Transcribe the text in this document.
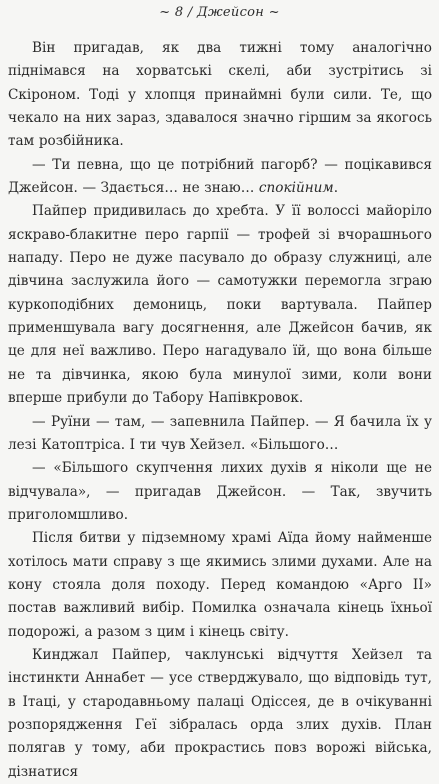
~ 8 / Джейсон ~

Він пригадав, як два тижні тому аналогічно піднімався на хорватські скелі, аби зустрітись зі Скіроном. Тоді у хлопця принаймні були сили. Те, що чекало на них зараз, здавалося значно гіршим за якогось там розбійника.

— Ти певна, що це потрібний пагорб? — поцікавився Джейсон. — Здається… не знаю… спокійним.

Пайпер придивилась до хребта. У її волоссі майоріло яскраво-блакитне перо гарпії — трофей зі вчорашнього нападу. Перо не дуже пасувало до образу служниці, але дівчина заслужила його — самотужки перемогла зграю куркоподібних демониць, поки вартувала. Пайпер применшувала вагу досягнення, але Джейсон бачив, як це для неї важливо. Перо нагадувало їй, що вона більше не та дівчинка, якою була минулої зими, коли вони вперше прибули до Табору Напівкровок.

— Руїни — там, — запевнила Пайпер. — Я бачила їх у лезі Катоптріса. І ти чув Хейзел. «Більшого…

— «Більшого скупчення лихих духів я ніколи ще не відчувала», — пригадав Джейсон. — Так, звучить приголомшливо.

Після битви у підземному храмі Аїда йому найменше хотілось мати справу з ще якимись злими духами. Але на кону стояла доля походу. Перед командою «Арго ІІ» постав важливий вибір. Помилка означала кінець їхньої подорожі, а разом з цим і кінець світу.

Кинджал Пайпер, чаклунські відчуття Хейзел та інстинкти Аннабет — усе стверджувало, що відповідь тут, в Ітаці, у стародавньому палаці Одіссея, де в очікуванні розпорядження Геї зібралась орда злих духів. План полягав у тому, аби прокрастись повз ворожі війська, дізнатися
